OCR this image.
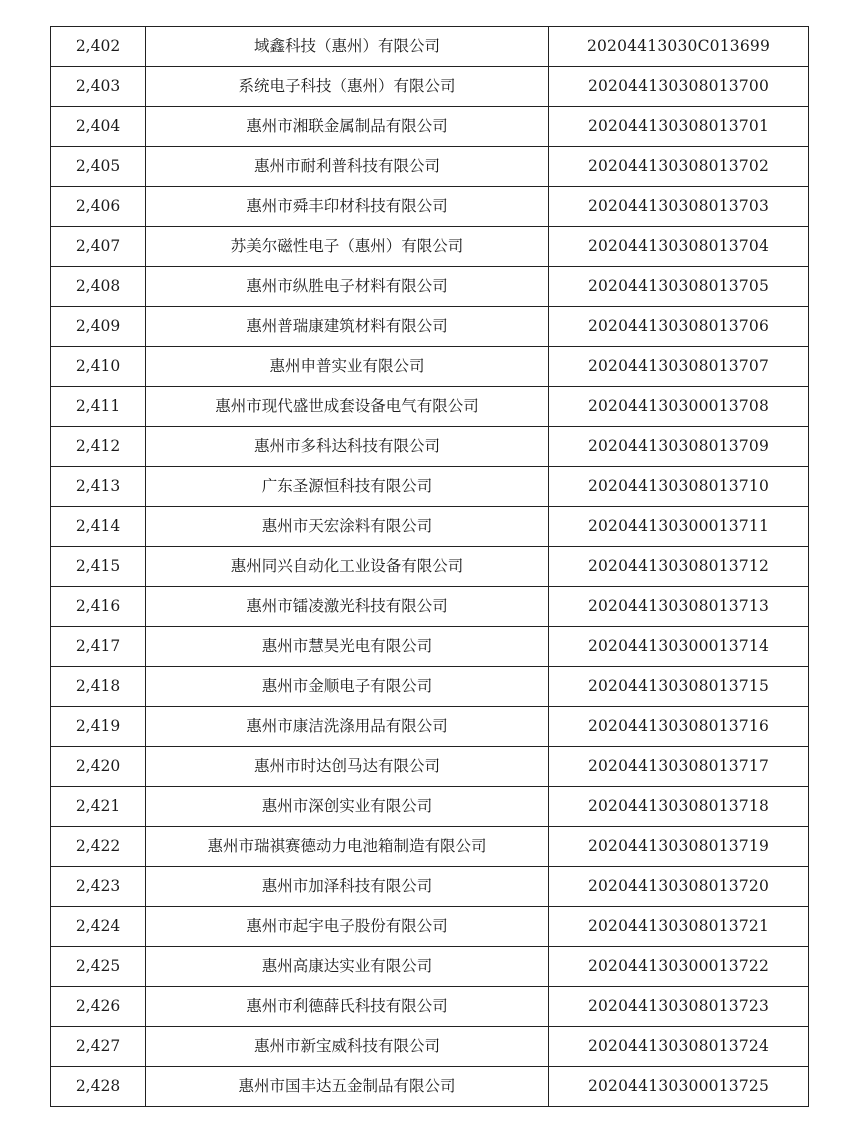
2,402	域鑫科技（惠州）有限公司	20204413030C013699
2,403	系统电子科技（惠州）有限公司	202044130308013700
2,404	惠州市湘联金属制品有限公司	202044130308013701
2,405	惠州市耐利普科技有限公司	202044130308013702
2,406	惠州市舜丰印材科技有限公司	202044130308013703
2,407	苏美尔磁性电子（惠州）有限公司	202044130308013704
2,408	惠州市纵胜电子材料有限公司	202044130308013705
2,409	惠州普瑞康建筑材料有限公司	202044130308013706
2,410	惠州申普实业有限公司	202044130308013707
2,411	惠州市现代盛世成套设备电气有限公司	202044130300013708
2,412	惠州市多科达科技有限公司	202044130308013709
2,413	广东圣源恒科技有限公司	202044130308013710
2,414	惠州市天宏涂料有限公司	202044130300013711
2,415	惠州同兴自动化工业设备有限公司	202044130308013712
2,416	惠州市镭凌激光科技有限公司	202044130308013713
2,417	惠州市慧昊光电有限公司	202044130300013714
2,418	惠州市金顺电子有限公司	202044130308013715
2,419	惠州市康洁洗涤用品有限公司	202044130308013716
2,420	惠州市时达创马达有限公司	202044130308013717
2,421	惠州市深创实业有限公司	202044130308013718
2,422	惠州市瑞祺赛德动力电池箱制造有限公司	202044130308013719
2,423	惠州市加泽科技有限公司	202044130308013720
2,424	惠州市起宇电子股份有限公司	202044130308013721
2,425	惠州高康达实业有限公司	202044130300013722
2,426	惠州市利德薛氏科技有限公司	202044130308013723
2,427	惠州市新宝威科技有限公司	202044130308013724
2,428	惠州市国丰达五金制品有限公司	202044130300013725
